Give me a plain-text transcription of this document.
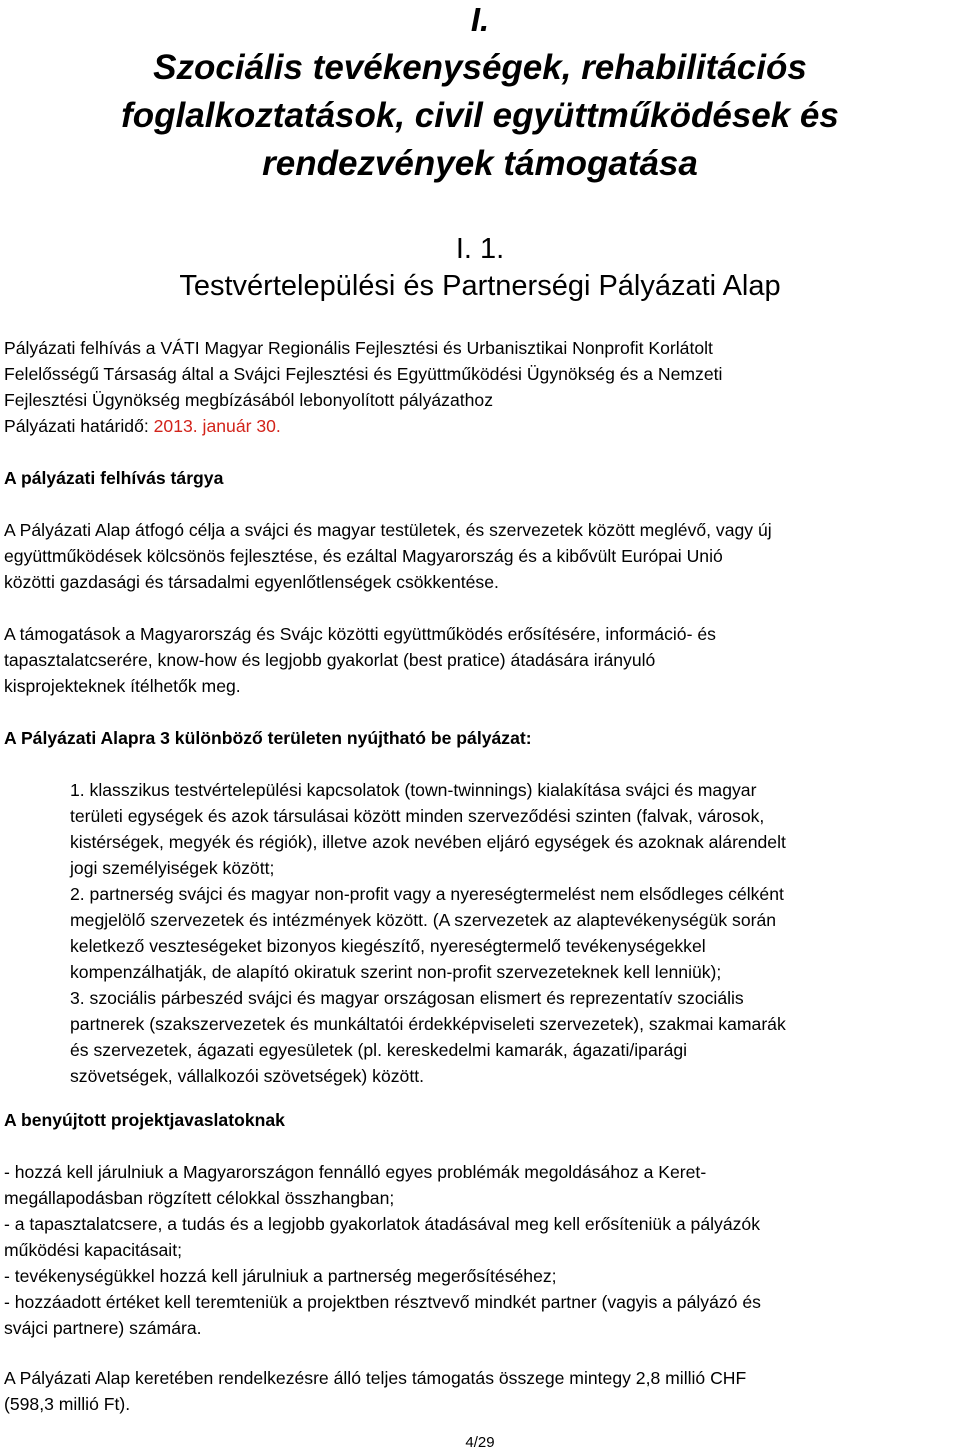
I.
Szociális tevékenységek, rehabilitációs
foglalkoztatások, civil együttműködések és
rendezvények támogatása
I. 1.
Testvértelepülési és Partnerségi Pályázati Alap
Pályázati felhívás a VÁTI Magyar Regionális Fejlesztési és Urbanisztikai Nonprofit Korlátolt
Felelősségű Társaság által a Svájci Fejlesztési és Együttműködési Ügynökség és a Nemzeti
Fejlesztési Ügynökség megbízásából lebonyolított pályázathoz
Pályázati határidő: 2013. január 30.
A pályázati felhívás tárgya
A Pályázati Alap átfogó célja a svájci és magyar testületek, és szervezetek között meglévő, vagy új
együttműködések kölcsönös fejlesztése, és ezáltal Magyarország és a kibővült Európai Unió
közötti gazdasági és társadalmi egyenlőtlenségek csökkentése.
A támogatások a Magyarország és Svájc közötti együttműködés erősítésére, információ- és
tapasztalatcserére, know-how és legjobb gyakorlat (best pratice) átadására irányuló
kisprojekteknek ítélhetők meg.
A Pályázati Alapra 3 különböző területen nyújtható be pályázat:
1. klasszikus testvértelepülési kapcsolatok (town-twinnings) kialakítása svájci és magyar
területi egységek és azok társulásai között minden szerveződési szinten (falvak, városok,
kistérségek, megyék és régiók), illetve azok nevében eljáró egységek és azoknak alárendelt
jogi személyiségek között;
2. partnerség svájci és magyar non-profit vagy a nyereségtermelést nem elsődleges célként
megjelölő szervezetek és intézmények között. (A szervezetek az alaptevékenységük során
keletkező veszteségeket bizonyos kiegészítő, nyereségtermelő tevékenységekkel
kompenzálhatják, de alapító okiratuk szerint non-profit szervezeteknek kell lenniük);
3. szociális párbeszéd svájci és magyar országosan elismert és reprezentatív szociális
partnerek (szakszervezetek és munkáltatói érdekképviseleti szervezetek), szakmai kamarák
és szervezetek, ágazati egyesületek (pl. kereskedelmi kamarák, ágazati/iparági
szövetségek, vállalkozói szövetségek) között.
A benyújtott projektjavaslatoknak
- hozzá kell járulniuk a Magyarországon fennálló egyes problémák megoldásához a Keret-
megállapodásban rögzített célokkal összhangban;
- a tapasztalatcsere, a tudás és a legjobb gyakorlatok átadásával meg kell erősíteniük a pályázók
működési kapacitásait;
- tevékenységükkel hozzá kell járulniuk a partnerség megerősítéséhez;
- hozzáadott értéket kell teremteniük a projektben résztvevő mindkét partner (vagyis a pályázó és
svájci partnere) számára.
A Pályázati Alap keretében rendelkezésre álló teljes támogatás összege mintegy 2,8 millió CHF
(598,3 millió Ft).
4/29
